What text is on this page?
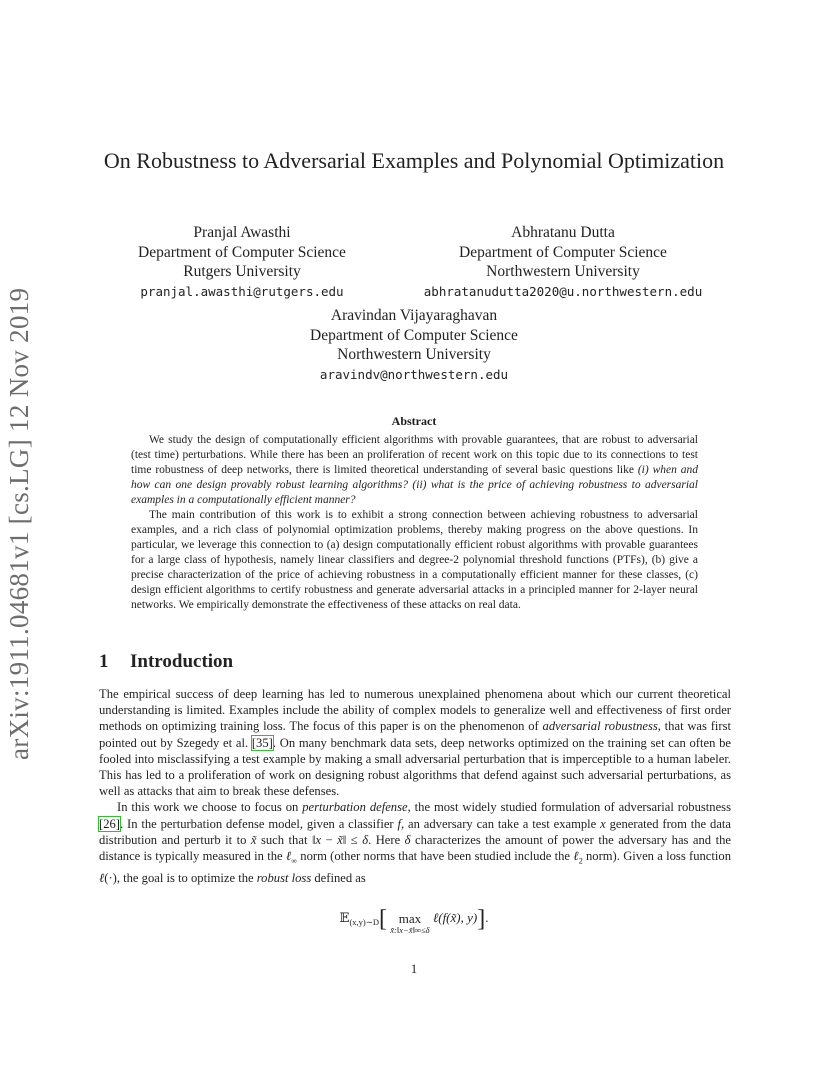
arXiv:1911.04681v1 [cs.LG] 12 Nov 2019
On Robustness to Adversarial Examples and Polynomial Optimization
Pranjal Awasthi
Department of Computer Science
Rutgers University
pranjal.awasthi@rutgers.edu
Abhratanu Dutta
Department of Computer Science
Northwestern University
abhratanudutta2020@u.northwestern.edu
Aravindan Vijayaraghavan
Department of Computer Science
Northwestern University
aravindv@northwestern.edu
Abstract

We study the design of computationally efficient algorithms with provable guarantees, that are robust to adversarial (test time) perturbations. While there has been an proliferation of recent work on this topic due to its connections to test time robustness of deep networks, there is limited theoretical understanding of several basic questions like (i) when and how can one design provably robust learning algorithms? (ii) what is the price of achieving robustness to adversarial examples in a computationally efficient manner?

The main contribution of this work is to exhibit a strong connection between achieving robustness to adversarial examples, and a rich class of polynomial optimization problems, thereby making progress on the above questions. In particular, we leverage this connection to (a) design computationally efficient robust algorithms with provable guarantees for a large class of hypothesis, namely linear classifiers and degree-2 polynomial threshold functions (PTFs), (b) give a precise characterization of the price of achieving robustness in a computationally efficient manner for these classes, (c) design efficient algorithms to certify robustness and generate adversarial attacks in a principled manner for 2-layer neural networks. We empirically demonstrate the effectiveness of these attacks on real data.

1 Introduction

The empirical success of deep learning has led to numerous unexplained phenomena about which our current theoretical understanding is limited. Examples include the ability of complex models to generalize well and effectiveness of first order methods on optimizing training loss. The focus of this paper is on the phenomenon of adversarial robustness, that was first pointed out by Szegedy et al. [35]. On many benchmark data sets, deep networks optimized on the training set can often be fooled into misclassifying a test example by making a small adversarial perturbation that is imperceptible to a human labeler. This has led to a proliferation of work on designing robust algorithms that defend against such adversarial perturbations, as well as attacks that aim to break these defenses.

In this work we choose to focus on perturbation defense, the most widely studied formulation of adversarial robustness [26]. In the perturbation defense model, given a classifier f, an adversary can take a test example x generated from the data distribution and perturb it to x̃ such that ‖x − x̃‖ ≤ δ. Here δ characterizes the amount of power the adversary has and the distance is typically measured in the ℓ$_\infty$ norm (other norms that have been studied include the ℓ$_2$ norm). Given a loss function ℓ(·), the goal is to optimize the robust loss defined as

𝔼$_{(x,y)\sim D}$[ max
x̃:‖x−x̃‖∞≤δ
ℓ(f(x̃), y)].
1
